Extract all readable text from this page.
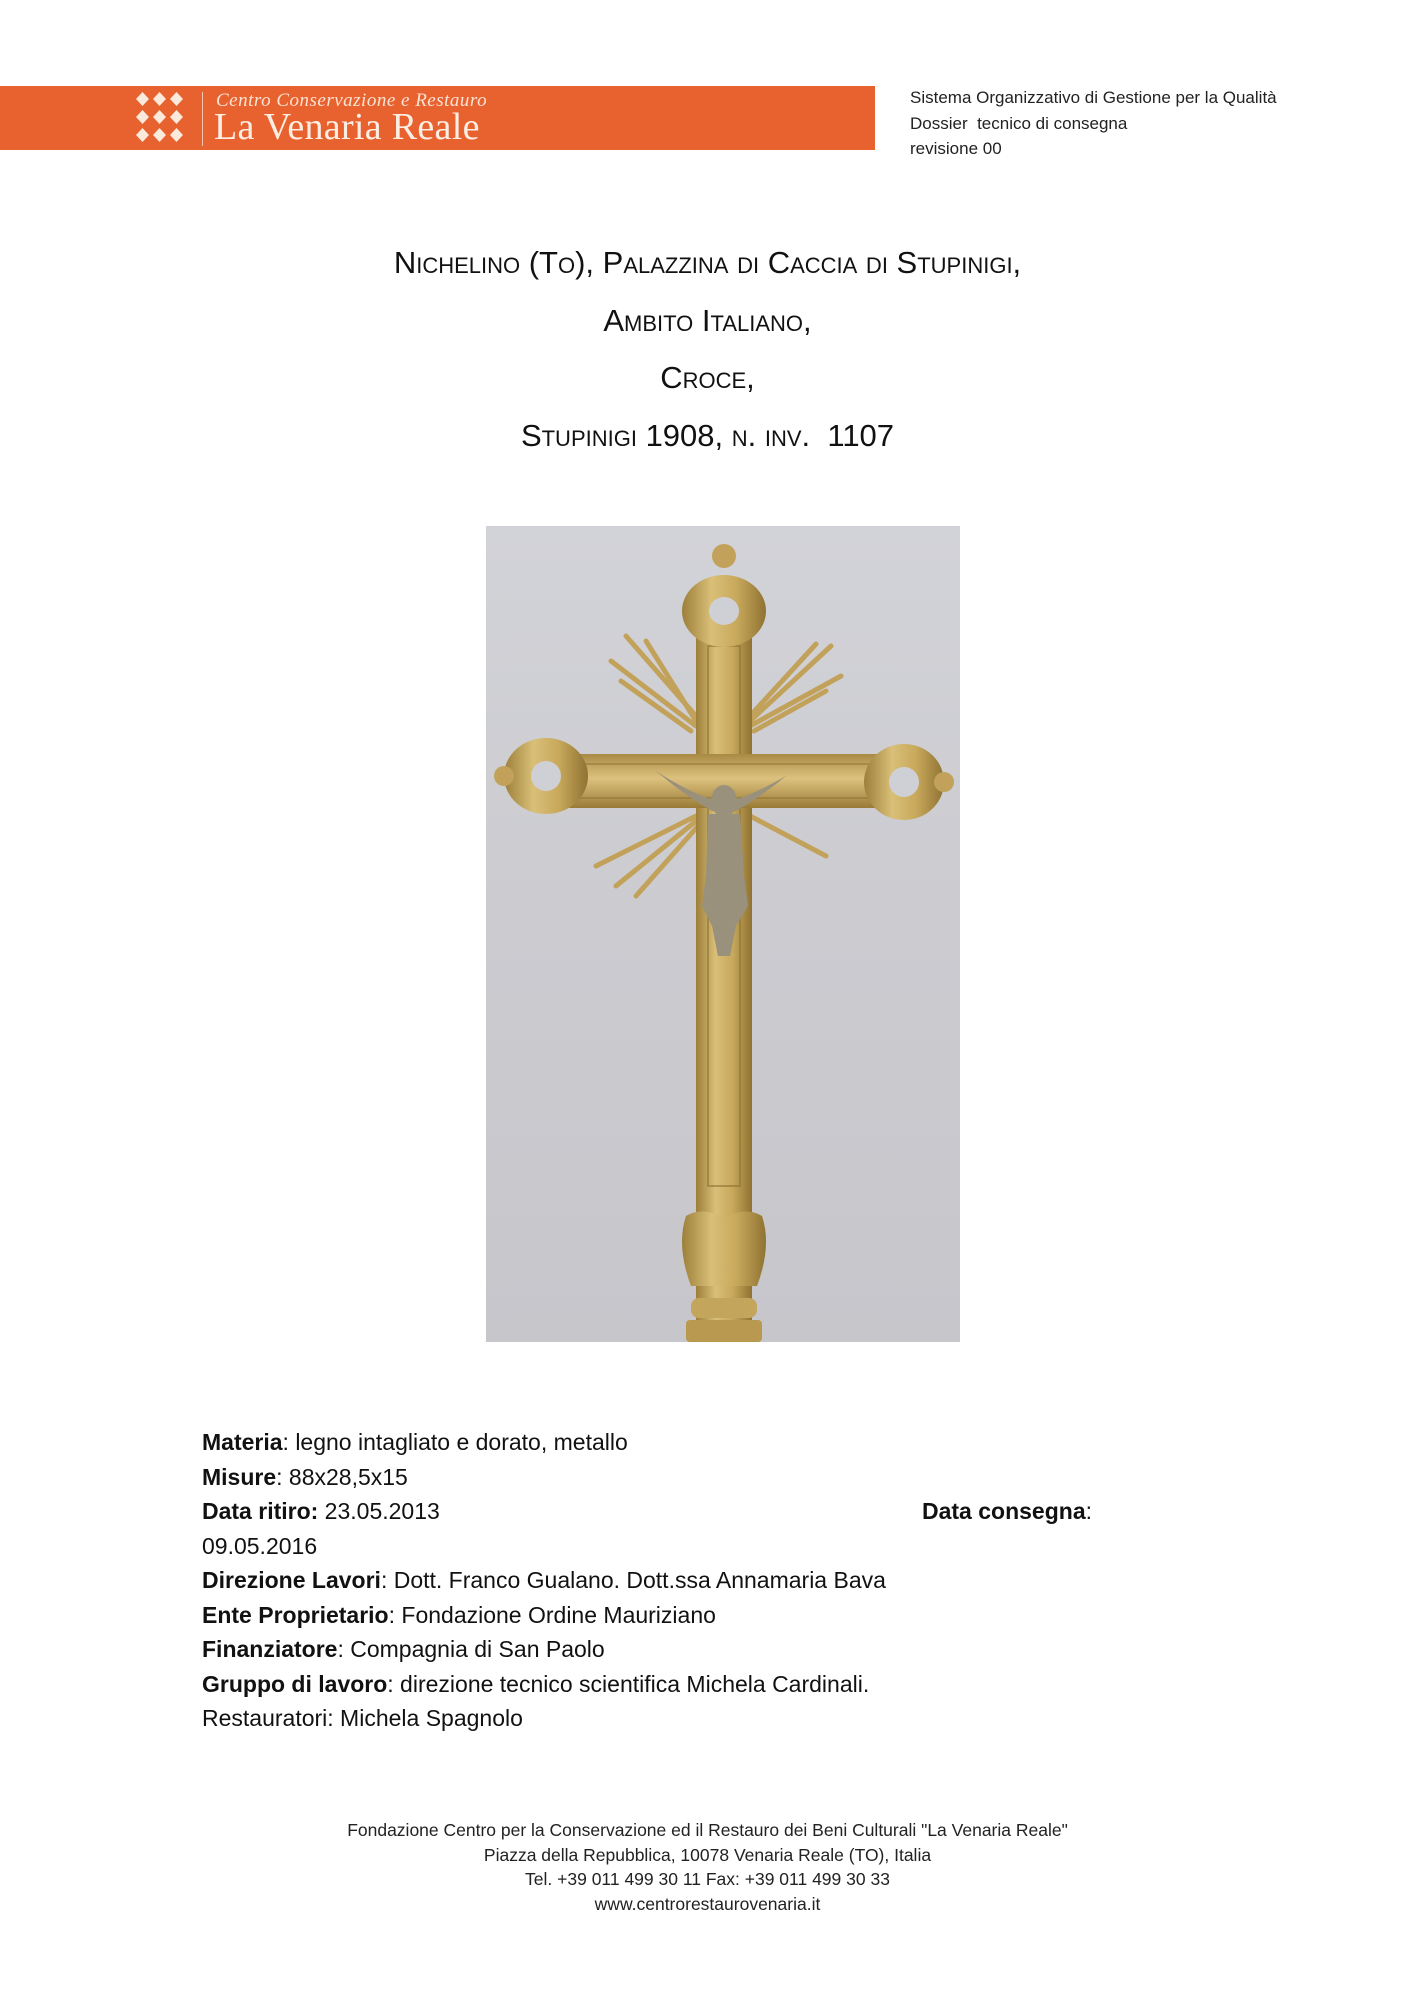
Centro Conservazione e Restauro
La Venaria Reale
Sistema Organizzativo di Gestione per la Qualità
Dossier  tecnico di consegna
revisione 00
Nichelino (To), Palazzina di Caccia di Stupinigi,
Ambito Italiano,
Croce,
Stupinigi 1908, n. inv.  1107
Materia: legno intagliato e dorato, metallo
Misure: 88x28,5x15
Data ritiro: 23.05.2013	Data consegna:
09.05.2016
Direzione Lavori: Dott. Franco Gualano. Dott.ssa Annamaria Bava
Ente Proprietario: Fondazione Ordine Mauriziano
Finanziatore: Compagnia di San Paolo
Gruppo di lavoro: direzione tecnico scientifica Michela Cardinali.
Restauratori: Michela Spagnolo
Fondazione Centro per la Conservazione ed il Restauro dei Beni Culturali "La Venaria Reale"
Piazza della Repubblica, 10078 Venaria Reale (TO), Italia
Tel. +39 011 499 30 11 Fax: +39 011 499 30 33
www.centrorestaurovenaria.it
